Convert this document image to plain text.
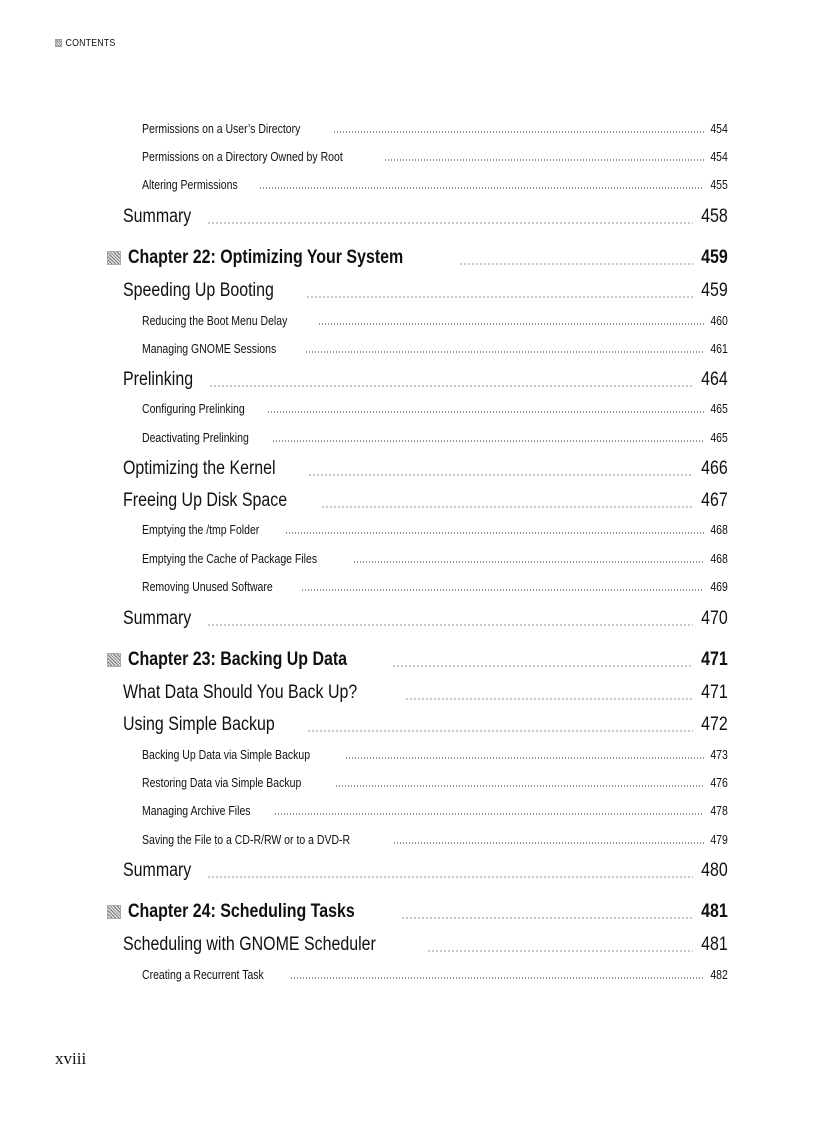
CONTENTS
Permissions on a User’s Directory	454
Permissions on a Directory Owned by Root	454
Altering Permissions	455
Summary	458
Chapter 22: Optimizing Your System	459
Speeding Up Booting	459
Reducing the Boot Menu Delay	460
Managing GNOME Sessions	461
Prelinking	464
Configuring Prelinking	465
Deactivating Prelinking	465
Optimizing the Kernel	466
Freeing Up Disk Space	467
Emptying the /tmp Folder	468
Emptying the Cache of Package Files	468
Removing Unused Software	469
Summary	470
Chapter 23: Backing Up Data	471
What Data Should You Back Up?	471
Using Simple Backup	472
Backing Up Data via Simple Backup	473
Restoring Data via Simple Backup	476
Managing Archive Files	478
Saving the File to a CD-R/RW or to a DVD-R	479
Summary	480
Chapter 24: Scheduling Tasks	481
Scheduling with GNOME Scheduler	481
Creating a Recurrent Task	482
xviii
